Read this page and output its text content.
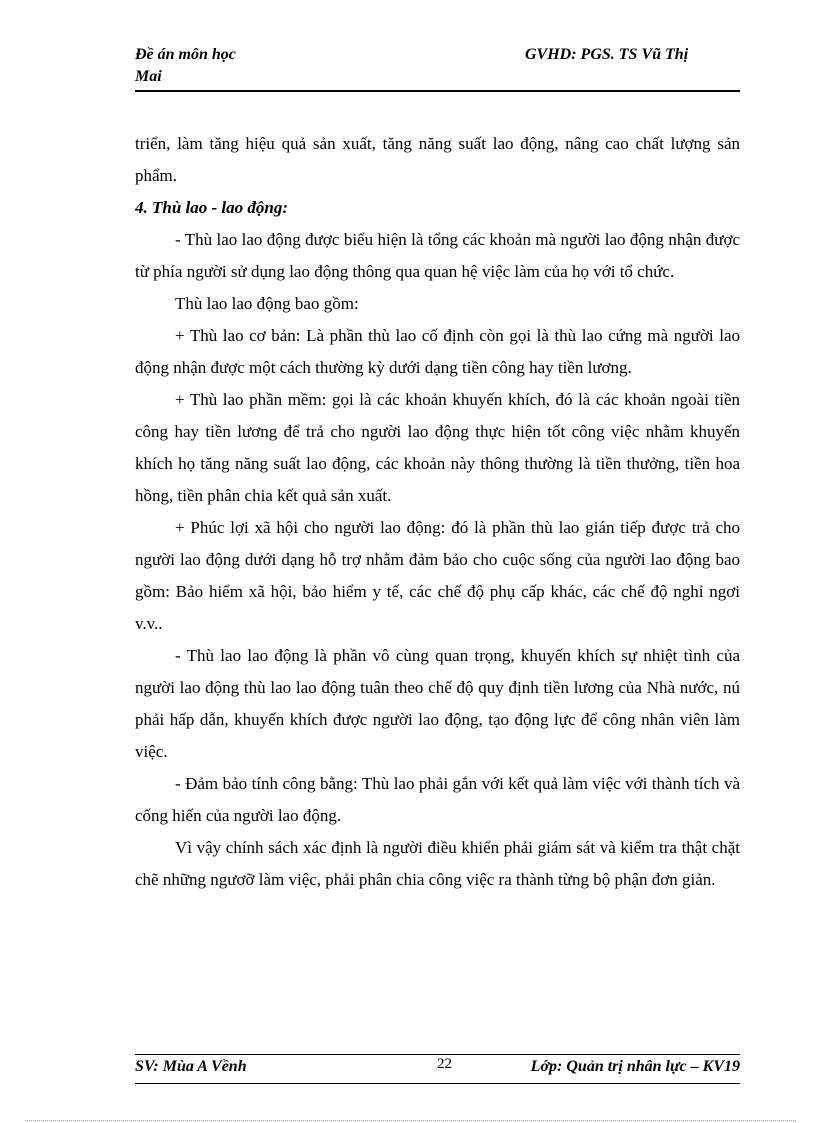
Đề án môn học
Mai
GVHD: PGS. TS Vũ Thị

triển, làm tăng hiệu quả sản xuất, tăng năng suất lao động, nâng cao chất lượng sản phẩm.

4. Thù lao - lao động:

- Thù lao lao động được biểu hiện là tổng các khoản mà người lao động nhận được từ phía người sử dụng lao động thông qua quan hệ việc làm của họ với tổ chức.

Thù lao lao động bao gồm:

+ Thù lao cơ bản: Là phần thù lao cố định còn gọi là thù lao cứng mà người lao động nhận được một cách thường kỳ dưới dạng tiền công hay tiền lương.

+ Thù lao phần mềm: gọi là các khoản khuyến khích, đó là các khoản ngoài tiền công hay tiền lương để trả cho người lao động thực hiện tốt công việc nhằm khuyến khích họ tăng năng suất lao động, các khoản này thông thường là tiền thưởng, tiền hoa hồng, tiền phân chia kết quả sản xuất.

+ Phúc lợi xã hội cho người lao động: đó là phần thù lao gián tiếp được trả cho người lao động dưới dạng hỗ trợ nhằm đảm bảo cho cuộc sống của người lao động bao gồm: Bảo hiểm xã hội, bảo hiểm y tế, các chế độ phụ cấp khác, các chế độ nghỉ ngơi v.v..

- Thù lao lao động là phần vô cùng quan trọng, khuyến khích sự nhiệt tình của người lao động thù lao lao động tuân theo chế độ quy định tiền lương của Nhà nước, nú phải hấp dẫn, khuyến khích được người lao động, tạo động lực để công nhân viên làm việc.

- Đảm bảo tính công bằng: Thù lao phải gắn với kết quả làm việc với thành tích và cống hiến của người lao động.

Vì vậy chính sách xác định là người điều khiển phải giám sát và kiểm tra thật chặt chẽ những ngươỡ làm việc, phải phân chia công việc ra thành từng bộ phận đơn giản.

SV: Mùa A Vềnh	22	Lớp: Quản trị nhân lực – KV19
